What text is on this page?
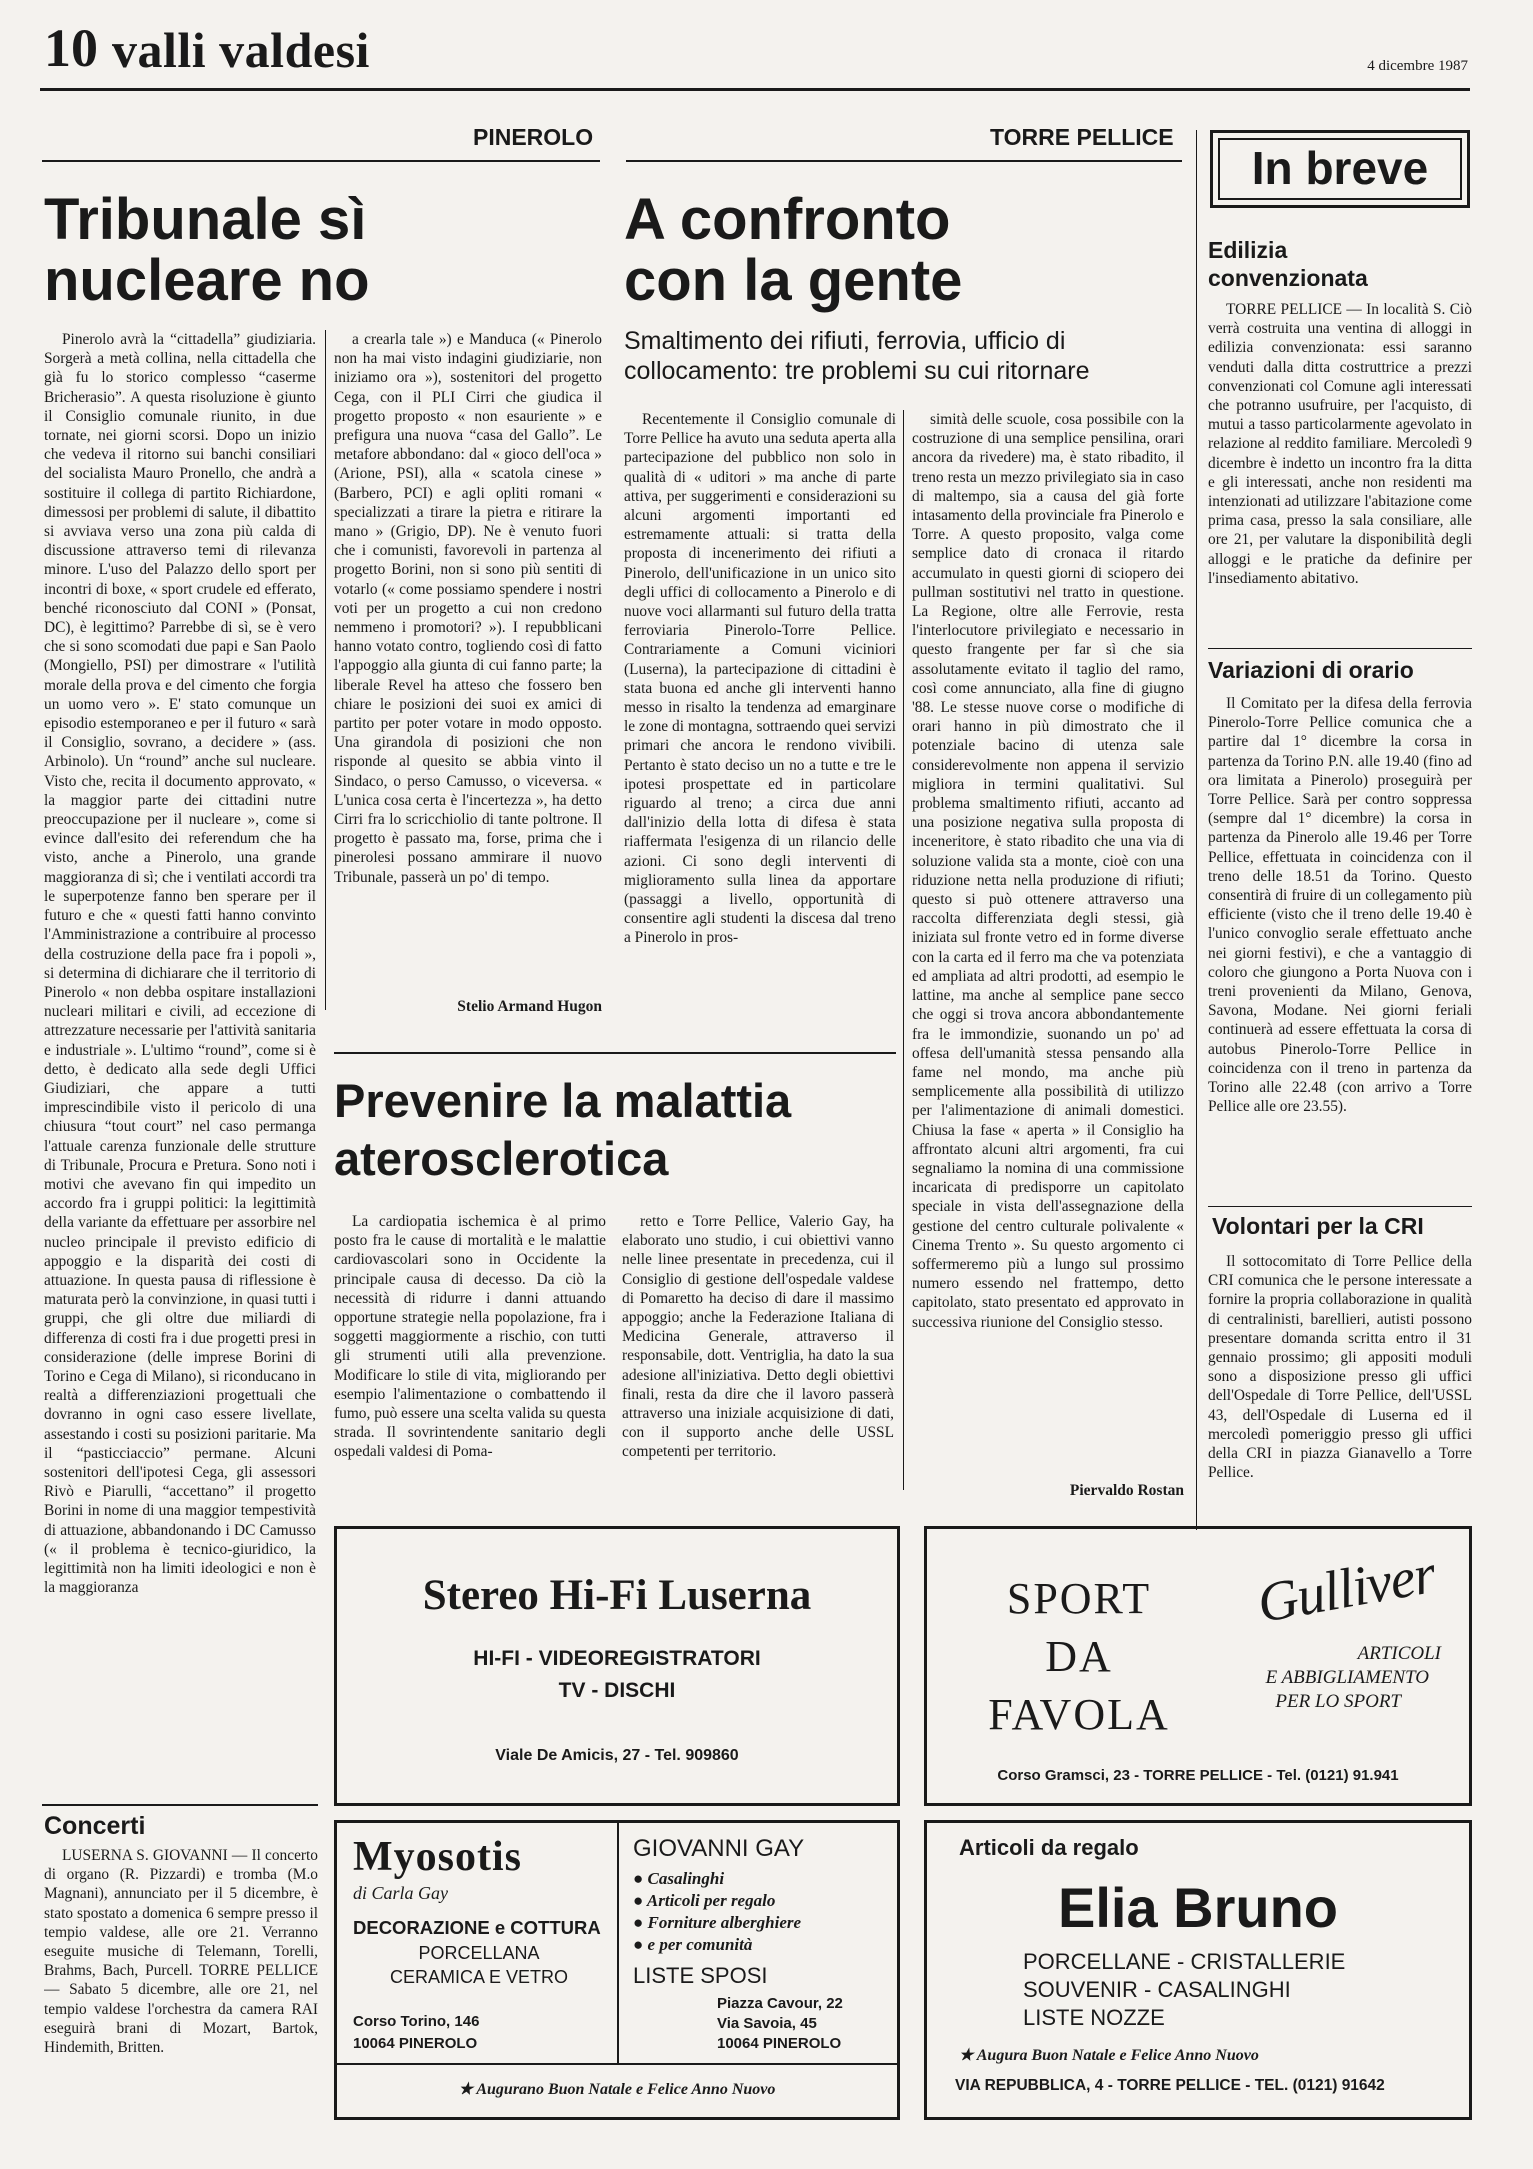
10 valli valdesi	4 dicembre 1987
PINEROLO	TORRE PELLICE
In breve
Tribunale sì
nucleare no

Pinerolo avrà la “cittadella” giudiziaria. Sorgerà a metà collina, nella cittadella che già fu lo storico complesso “caserme Bricherasio”. A questa risoluzione è giunto il Consiglio comunale riunito, in due tornate, nei giorni scorsi. Dopo un inizio che vedeva il ritorno sui banchi consiliari del socialista Mauro Pronello, che andrà a sostituire il collega di partito Richiardone, dimessosi per problemi di salute, il dibattito si avviava verso una zona più calda di discussione attraverso temi di rilevanza minore. L'uso del Palazzo dello sport per incontri di boxe, « sport crudele ed efferato, benché riconosciuto dal CONI » (Ponsat, DC), è legittimo? Parrebbe di sì, se è vero che si sono scomodati due papi e San Paolo (Mongiello, PSI) per dimostrare « l'utilità morale della prova e del cimento che forgia un uomo vero ». E' stato comunque un episodio estemporaneo e per il futuro « sarà il Consiglio, sovrano, a decidere » (ass. Arbinolo). Un “round” anche sul nucleare. Visto che, recita il documento approvato, « la maggior parte dei cittadini nutre preoccupazione per il nucleare », come si evince dall'esito dei referendum che ha visto, anche a Pinerolo, una grande maggioranza di sì; che i ventilati accordi tra le superpotenze fanno ben sperare per il futuro e che « questi fatti hanno convinto l'Amministrazione a contribuire al processo della costruzione della pace fra i popoli », si determina di dichiarare che il territorio di Pinerolo « non debba ospitare installazioni nucleari militari e civili, ad eccezione di attrezzature necessarie per l'attività sanitaria e industriale ». L'ultimo “round”, come si è detto, è dedicato alla sede degli Uffici Giudiziari, che appare a tutti imprescindibile visto il pericolo di una chiusura “tout court” nel caso permanga l'attuale carenza funzionale delle strutture di Tribunale, Procura e Pretura. Sono noti i motivi che avevano fin qui impedito un accordo fra i gruppi politici: la legittimità della variante da effettuare per assorbire nel nucleo principale il previsto edificio di appoggio e la disparità dei costi di attuazione. In questa pausa di riflessione è maturata però la convinzione, in quasi tutti i gruppi, che gli oltre due miliardi di differenza di costi fra i due progetti presi in considerazione (delle imprese Borini di Torino e Cega di Milano), si riconducano in realtà a differenziazioni progettuali che dovranno in ogni caso essere livellate, assestando i costi su posizioni paritarie. Ma il “pasticciaccio” permane. Alcuni sostenitori dell'ipotesi Cega, gli assessori Rivò e Piarulli, “accettano” il progetto Borini in nome di una maggior tempestività di attuazione, abbandonando i DC Camusso (« il problema è tecnico-giuridico, la legittimità non ha limiti ideologici e non è la maggioranza

a crearla tale ») e Manduca (« Pinerolo non ha mai visto indagini giudiziarie, non iniziamo ora »), sostenitori del progetto Cega, con il PLI Cirri che giudica il progetto proposto « non esauriente » e prefigura una nuova “casa del Gallo”. Le metafore abbondano: dal « gioco dell'oca » (Arione, PSI), alla « scatola cinese » (Barbero, PCI) e agli opliti romani « specializzati a tirare la pietra e ritirare la mano » (Grigio, DP). Ne è venuto fuori che i comunisti, favorevoli in partenza al progetto Borini, non si sono più sentiti di votarlo (« come possiamo spendere i nostri voti per un progetto a cui non credono nemmeno i promotori? »). I repubblicani hanno votato contro, togliendo così di fatto l'appoggio alla giunta di cui fanno parte; la liberale Revel ha atteso che fossero ben chiare le posizioni dei suoi ex amici di partito per poter votare in modo opposto. Una girandola di posizioni che non risponde al quesito se abbia vinto il Sindaco, o perso Camusso, o viceversa. « L'unica cosa certa è l'incertezza », ha detto Cirri fra lo scricchiolio di tante poltrone. Il progetto è passato ma, forse, prima che i pinerolesi possano ammirare il nuovo Tribunale, passerà un po' di tempo.

Stelio Armand Hugon
A confronto
con la gente
Smaltimento dei rifiuti, ferrovia, ufficio di collocamento: tre problemi su cui ritornare

Recentemente il Consiglio comunale di Torre Pellice ha avuto una seduta aperta alla partecipazione del pubblico non solo in qualità di « uditori » ma anche di parte attiva, per suggerimenti e considerazioni su alcuni argomenti importanti ed estremamente attuali: si tratta della proposta di incenerimento dei rifiuti a Pinerolo, dell'unificazione in un unico sito degli uffici di collocamento a Pinerolo e di nuove voci allarmanti sul futuro della tratta ferroviaria Pinerolo-Torre Pellice. Contrariamente a Comuni viciniori (Luserna), la partecipazione di cittadini è stata buona ed anche gli interventi hanno messo in risalto la tendenza ad emarginare le zone di montagna, sottraendo quei servizi primari che ancora le rendono vivibili. Pertanto è stato deciso un no a tutte e tre le ipotesi prospettate ed in particolare riguardo al treno; a circa due anni dall'inizio della lotta di difesa è stata riaffermata l'esigenza di un rilancio delle azioni. Ci sono degli interventi di miglioramento sulla linea da apportare (passaggi a livello, opportunità di consentire agli studenti la discesa dal treno a Pinerolo in pros-

simità delle scuole, cosa possibile con la costruzione di una semplice pensilina, orari ancora da rivedere) ma, è stato ribadito, il treno resta un mezzo privilegiato sia in caso di maltempo, sia a causa del già forte intasamento della provinciale fra Pinerolo e Torre. A questo proposito, valga come semplice dato di cronaca il ritardo accumulato in questi giorni di sciopero dei pullman sostitutivi nel tratto in questione. La Regione, oltre alle Ferrovie, resta l'interlocutore privilegiato e necessario in questo frangente per far sì che sia assolutamente evitato il taglio del ramo, così come annunciato, alla fine di giugno '88. Le stesse nuove corse o modifiche di orari hanno in più dimostrato che il potenziale bacino di utenza sale considerevolmente non appena il servizio migliora in termini qualitativi. Sul problema smaltimento rifiuti, accanto ad una posizione negativa sulla proposta di inceneritore, è stato ribadito che una via di soluzione valida sta a monte, cioè con una riduzione netta nella produzione di rifiuti; questo si può ottenere attraverso una raccolta differenziata degli stessi, già iniziata sul fronte vetro ed in forme diverse con la carta ed il ferro ma che va potenziata ed ampliata ad altri prodotti, ad esempio le lattine, ma anche al semplice pane secco che oggi si trova ancora abbondantemente fra le immondizie, suonando un po' ad offesa dell'umanità stessa pensando alla fame nel mondo, ma anche più semplicemente alla possibilità di utilizzo per l'alimentazione di animali domestici. Chiusa la fase « aperta » il Consiglio ha affrontato alcuni altri argomenti, fra cui segnaliamo la nomina di una commissione incaricata di predisporre un capitolato speciale in vista dell'assegnazione della gestione del centro culturale polivalente « Cinema Trento ». Su questo argomento ci soffermeremo più a lungo sul prossimo numero essendo nel frattempo, detto capitolato, stato presentato ed approvato in successiva riunione del Consiglio stesso.

Piervaldo Rostan
Prevenire la malattia
aterosclerotica

La cardiopatia ischemica è al primo posto fra le cause di mortalità e le malattie cardiovascolari sono in Occidente la principale causa di decesso. Da ciò la necessità di ridurre i danni attuando opportune strategie nella popolazione, fra i soggetti maggiormente a rischio, con tutti gli strumenti utili alla prevenzione. Modificare lo stile di vita, migliorando per esempio l'alimentazione o combattendo il fumo, può essere una scelta valida su questa strada. Il sovrintendente sanitario degli ospedali valdesi di Poma-

retto e Torre Pellice, Valerio Gay, ha elaborato uno studio, i cui obiettivi vanno nelle linee presentate in precedenza, cui il Consiglio di gestione dell'ospedale valdese di Pomaretto ha deciso di dare il massimo appoggio; anche la Federazione Italiana di Medicina Generale, attraverso il responsabile, dott. Ventriglia, ha dato la sua adesione all'iniziativa. Detto degli obiettivi finali, resta da dire che il lavoro passerà attraverso una iniziale acquisizione di dati, con il supporto anche delle USSL competenti per territorio.

Edilizia
convenzionata

TORRE PELLICE — In località S. Ciò verrà costruita una ventina di alloggi in edilizia convenzionata: essi saranno venduti dalla ditta costruttrice a prezzi convenzionati col Comune agli interessati che potranno usufruire, per l'acquisto, di mutui a tasso particolarmente agevolato in relazione al reddito familiare. Mercoledì 9 dicembre è indetto un incontro fra la ditta e gli interessati, anche non residenti ma intenzionati ad utilizzare l'abitazione come prima casa, presso la sala consiliare, alle ore 21, per valutare la disponibilità degli alloggi e le pratiche da definire per l'insediamento abitativo.

Variazioni di orario

Il Comitato per la difesa della ferrovia Pinerolo-Torre Pellice comunica che a partire dal 1° dicembre la corsa in partenza da Torino P.N. alle 19.40 (fino ad ora limitata a Pinerolo) proseguirà per Torre Pellice. Sarà per contro soppressa (sempre dal 1° dicembre) la corsa in partenza da Pinerolo alle 19.46 per Torre Pellice, effettuata in coincidenza con il treno delle 18.51 da Torino. Questo consentirà di fruire di un collegamento più efficiente (visto che il treno delle 19.40 è l'unico convoglio serale effettuato anche nei giorni festivi), e che a vantaggio di coloro che giungono a Porta Nuova con i treni provenienti da Milano, Genova, Savona, Modane. Nei giorni feriali continuerà ad essere effettuata la corsa di autobus Pinerolo-Torre Pellice in coincidenza con il treno in partenza da Torino alle 22.48 (con arrivo a Torre Pellice alle ore 23.55).

Volontari per la CRI

Il sottocomitato di Torre Pellice della CRI comunica che le persone interessate a fornire la propria collaborazione in qualità di centralinisti, barellieri, autisti possono presentare domanda scritta entro il 31 gennaio prossimo; gli appositi moduli sono a disposizione presso gli uffici dell'Ospedale di Torre Pellice, dell'USSL 43, dell'Ospedale di Luserna ed il mercoledì pomeriggio presso gli uffici della CRI in piazza Gianavello a Torre Pellice.

Concerti

LUSERNA S. GIOVANNI — Il concerto di organo (R. Pizzardi) e tromba (M.o Magnani), annunciato per il 5 dicembre, è stato spostato a domenica 6 sempre presso il tempio valdese, alle ore 21. Verranno eseguite musiche di Telemann, Torelli, Brahms, Bach, Purcell. TORRE PELLICE — Sabato 5 dicembre, alle ore 21, nel tempio valdese l'orchestra da camera RAI eseguirà brani di Mozart, Bartok, Hindemith, Britten.

Stereo Hi-Fi Luserna
HI-FI - VIDEOREGISTRATORI
TV - DISCHI
Viale De Amicis, 27 - Tel. 909860
SPORT
DA
FAVOLA
Gulliver
ARTICOLI
E ABBIGLIAMENTO
PER LO SPORT
Corso Gramsci, 23 - TORRE PELLICE - Tel. (0121) 91.941
Myosotis
di Carla Gay
DECORAZIONE e COTTURA
PORCELLANA
CERAMICA E VETRO
Corso Torino, 146
10064 PINEROLO
GIOVANNI GAY
● Casalinghi
● Articoli per regalo
● Forniture alberghiere
● e per comunità
LISTE SPOSI
Piazza Cavour, 22
Via Savoia, 45
10064 PINEROLO
★ Augurano Buon Natale e Felice Anno Nuovo
Articoli da regalo
Elia Bruno
PORCELLANE - CRISTALLERIE
SOUVENIR - CASALINGHI
LISTE NOZZE
★ Augura Buon Natale e Felice Anno Nuovo
VIA REPUBBLICA, 4 - TORRE PELLICE - TEL. (0121) 91642
